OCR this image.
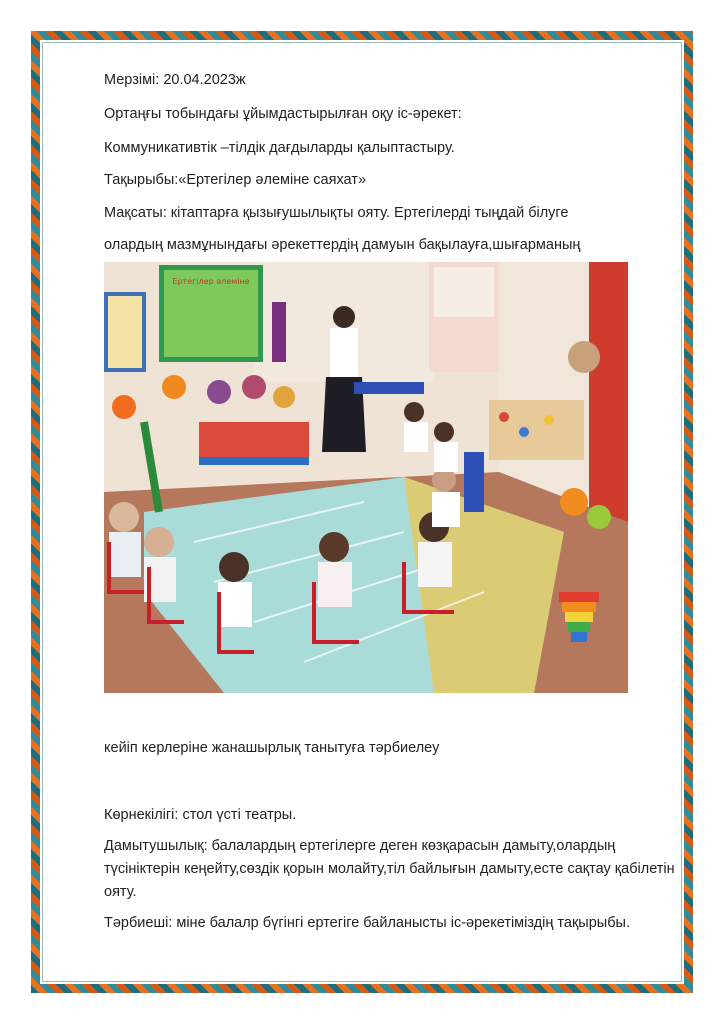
Мерзімі: 20.04.2023ж
Ортаңғы тобындағы ұйымдастырылған оқу іс-әрекет:
Коммуникативтік –тілдік дағдыларды қалыптастыру.
Тақырыбы:«Ертегілер әлеміне саяхат»
Мақсаты: кітаптарға қызығушылықты ояту. Ертегілерді тыңдай білуге
олардың мазмұнындағы әрекеттердің дамуын бақылауға,шығарманың
Ертегілер әлеміне
кейіп керлеріне жанашырлық танытуға тәрбиелеу
Көрнекілігі: стол үсті театры.
Дамытушылық: балалардың ертегілерге деген көзқарасын дамыту,олардың түсініктерін кеңейту,сөздік қорын молайту,тіл байлығын дамыту,есте сақтау қабілетін ояту.
Тәрбиеші: міне балалр бүгінгі ертегіге байланысты іс-әрекетіміздің тақырыбы.
